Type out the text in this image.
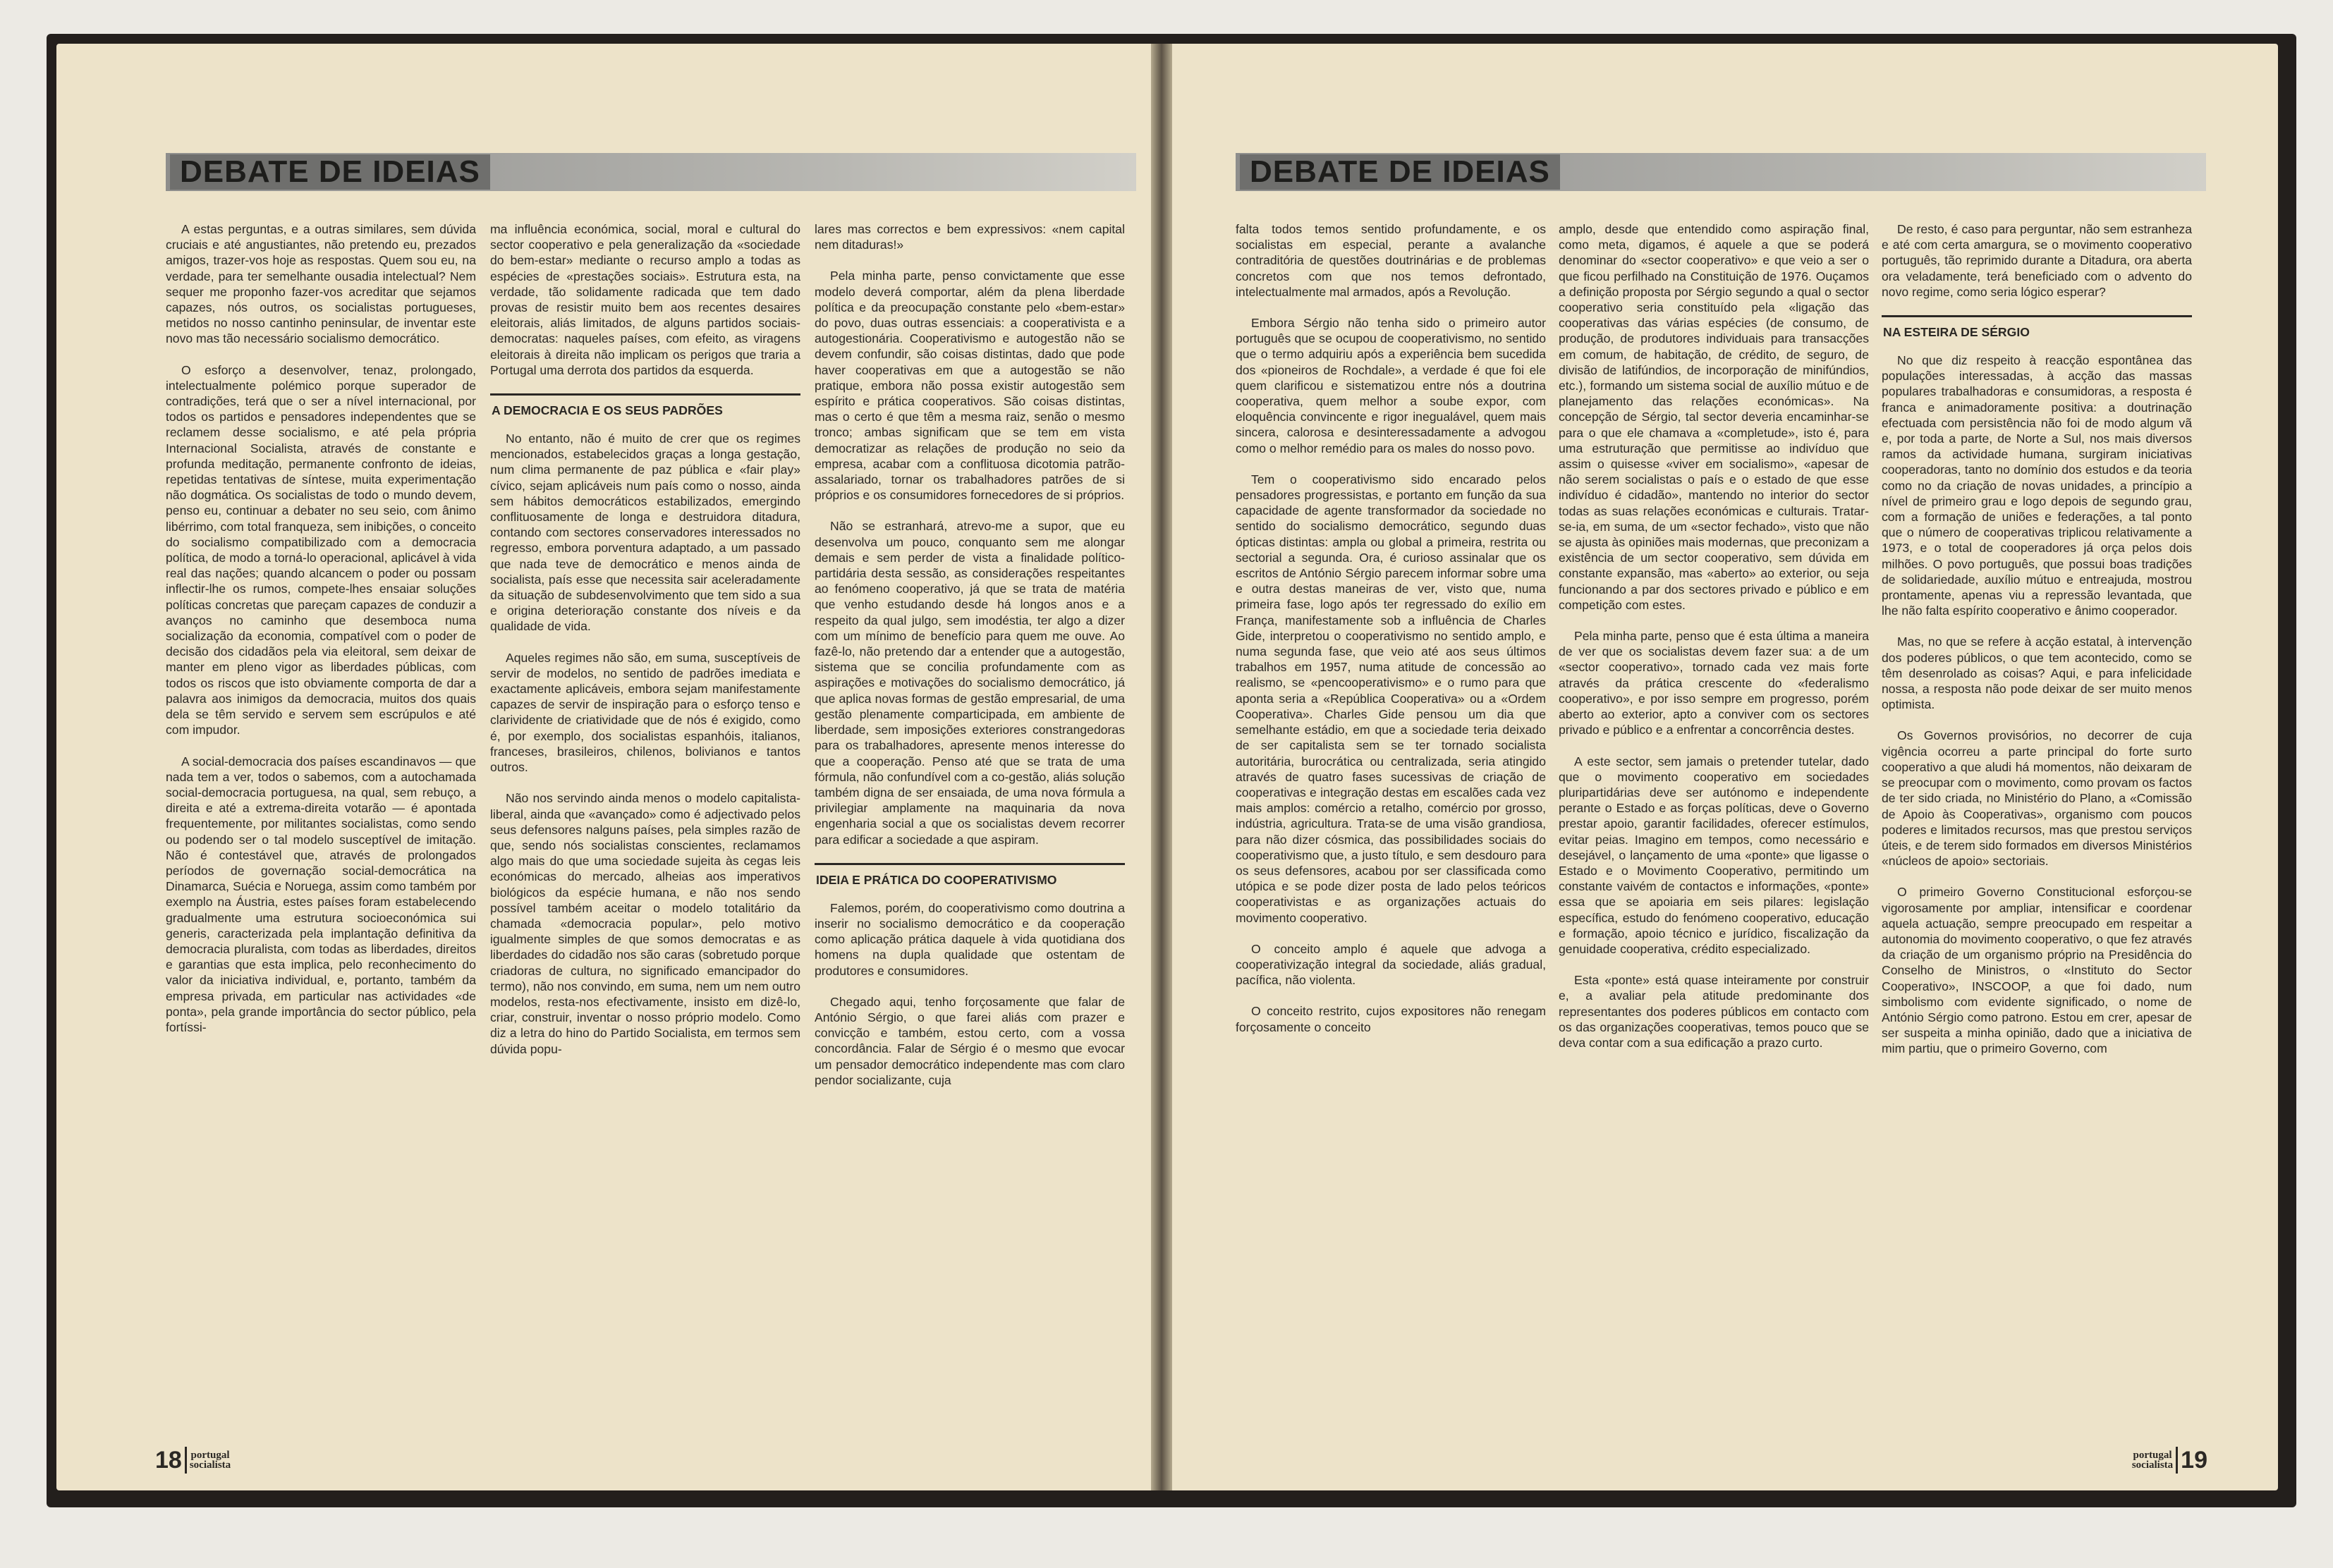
DEBATE DE IDEIAS

A estas perguntas, e a outras similares, sem dúvida cruciais e até angustiantes, não pretendo eu, prezados amigos, trazer-vos hoje as respostas. Quem sou eu, na verdade, para ter semelhante ousadia intelectual? Nem sequer me proponho fazer-vos acreditar que sejamos capazes, nós outros, os socialistas portugueses, metidos no nosso cantinho peninsular, de inventar este novo mas tão necessário socialismo democrático.

O esforço a desenvolver, tenaz, prolongado, intelectualmente polémico porque superador de contradições, terá que o ser a nível internacional, por todos os partidos e pensadores independentes que se reclamem desse socialismo, e até pela própria Internacional Socialista, através de constante e profunda meditação, permanente confronto de ideias, repetidas tentativas de síntese, muita experimentação não dogmática. Os socialistas de todo o mundo devem, penso eu, continuar a debater no seu seio, com ânimo libérrimo, com total franqueza, sem inibições, o conceito do socialismo compatibilizado com a democracia política, de modo a torná-lo operacional, aplicável à vida real das nações; quando alcancem o poder ou possam inflectir-lhe os rumos, compete-lhes ensaiar soluções políticas concretas que pareçam capazes de conduzir a avanços no caminho que desemboca numa socialização da economia, compatível com o poder de decisão dos cidadãos pela via eleitoral, sem deixar de manter em pleno vigor as liberdades públicas, com todos os riscos que isto obviamente comporta de dar a palavra aos inimigos da democracia, muitos dos quais dela se têm servido e servem sem escrúpulos e até com impudor.

A social-democracia dos países escandinavos — que nada tem a ver, todos o sabemos, com a autochamada social-democracia portuguesa, na qual, sem rebuço, a direita e até a extrema-direita votarão — é apontada frequentemente, por militantes socialistas, como sendo ou podendo ser o tal modelo susceptível de imitação. Não é contestável que, através de prolongados períodos de governação social-democrática na Dinamarca, Suécia e Noruega, assim como também por exemplo na Áustria, estes países foram estabelecendo gradualmente uma estrutura socioeconómica sui generis, caracterizada pela implantação definitiva da democracia pluralista, com todas as liberdades, direitos e garantias que esta implica, pelo reconhecimento do valor da iniciativa individual, e, portanto, também da empresa privada, em particular nas actividades «de ponta», pela grande importância do sector público, pela fortíssi-

ma influência económica, social, moral e cultural do sector cooperativo e pela generalização da «sociedade do bem-estar» mediante o recurso amplo a todas as espécies de «prestações sociais». Estrutura esta, na verdade, tão solidamente radicada que tem dado provas de resistir muito bem aos recentes desaires eleitorais, aliás limitados, de alguns partidos sociais-democratas: naqueles países, com efeito, as viragens eleitorais à direita não implicam os perigos que traria a Portugal uma derrota dos partidos da esquerda.

A DEMOCRACIA E OS SEUS PADRÕES

No entanto, não é muito de crer que os regimes mencionados, estabelecidos graças a longa gestação, num clima permanente de paz pública e «fair play» cívico, sejam aplicáveis num país como o nosso, ainda sem hábitos democráticos estabilizados, emergindo conflituosamente de longa e destruidora ditadura, contando com sectores conservadores interessados no regresso, embora porventura adaptado, a um passado que nada teve de democrático e menos ainda de socialista, país esse que necessita sair aceleradamente da situação de subdesenvolvimento que tem sido a sua e origina deterioração constante dos níveis e da qualidade de vida.

Aqueles regimes não são, em suma, susceptíveis de servir de modelos, no sentido de padrões imediata e exactamente aplicáveis, embora sejam manifestamente capazes de servir de inspiração para o esforço tenso e clarividente de criatividade que de nós é exigido, como é, por exemplo, dos socialistas espanhóis, italianos, franceses, brasileiros, chilenos, bolivianos e tantos outros.

Não nos servindo ainda menos o modelo capitalista-liberal, ainda que «avançado» como é adjectivado pelos seus defensores nalguns países, pela simples razão de que, sendo nós socialistas conscientes, reclamamos algo mais do que uma sociedade sujeita às cegas leis económicas do mercado, alheias aos imperativos biológicos da espécie humana, e não nos sendo possível também aceitar o modelo totalitário da chamada «democracia popular», pelo motivo igualmente simples de que somos democratas e as liberdades do cidadão nos são caras (sobretudo porque criadoras de cultura, no significado emancipador do termo), não nos convindo, em suma, nem um nem outro modelos, resta-nos efectivamente, insisto em dizê-lo, criar, construir, inventar o nosso próprio modelo. Como diz a letra do hino do Partido Socialista, em termos sem dúvida popu-

lares mas correctos e bem expressivos: «nem capital nem ditaduras!»

Pela minha parte, penso convictamente que esse modelo deverá comportar, além da plena liberdade política e da preocupação constante pelo «bem-estar» do povo, duas outras essenciais: a cooperativista e a autogestionária. Cooperativismo e autogestão não se devem confundir, são coisas distintas, dado que pode haver cooperativas em que a autogestão se não pratique, embora não possa existir autogestão sem espírito e prática cooperativos. São coisas distintas, mas o certo é que têm a mesma raiz, senão o mesmo tronco; ambas significam que se tem em vista democratizar as relações de produção no seio da empresa, acabar com a conflituosa dicotomia patrão-assalariado, tornar os trabalhadores patrões de si próprios e os consumidores fornecedores de si próprios.

Não se estranhará, atrevo-me a supor, que eu desenvolva um pouco, conquanto sem me alongar demais e sem perder de vista a finalidade político-partidária desta sessão, as considerações respeitantes ao fenómeno cooperativo, já que se trata de matéria que venho estudando desde há longos anos e a respeito da qual julgo, sem imodéstia, ter algo a dizer com um mínimo de benefício para quem me ouve. Ao fazê-lo, não pretendo dar a entender que a autogestão, sistema que se concilia profundamente com as aspirações e motivações do socialismo democrático, já que aplica novas formas de gestão empresarial, de uma gestão plenamente comparticipada, em ambiente de liberdade, sem imposições exteriores constrangedoras para os trabalhadores, apresente menos interesse do que a cooperação. Penso até que se trata de uma fórmula, não confundível com a co-gestão, aliás solução também digna de ser ensaiada, de uma nova fórmula a privilegiar amplamente na maquinaria da nova engenharia social a que os socialistas devem recorrer para edificar a sociedade a que aspiram.

IDEIA E PRÁTICA DO COOPERATIVISMO

Falemos, porém, do cooperativismo como doutrina a inserir no socialismo democrático e da cooperação como aplicação prática daquele à vida quotidiana dos homens na dupla qualidade que ostentam de produtores e consumidores.

Chegado aqui, tenho forçosamente que falar de António Sérgio, o que farei aliás com prazer e convicção e também, estou certo, com a vossa concordância. Falar de Sérgio é o mesmo que evocar um pensador democrático independente mas com claro pendor socializante, cuja

18 portugal
socialista
DEBATE DE IDEIAS

falta todos temos sentido profundamente, e os socialistas em especial, perante a avalanche contraditória de questões doutrinárias e de problemas concretos com que nos temos defrontado, intelectualmente mal armados, após a Revolução.

Embora Sérgio não tenha sido o primeiro autor português que se ocupou de cooperativismo, no sentido que o termo adquiriu após a experiência bem sucedida dos «pioneiros de Rochdale», a verdade é que foi ele quem clarificou e sistematizou entre nós a doutrina cooperativa, quem melhor a soube expor, com eloquência convincente e rigor inegualável, quem mais sincera, calorosa e desinteressadamente a advogou como o melhor remédio para os males do nosso povo.

Tem o cooperativismo sido encarado pelos pensadores progressistas, e portanto em função da sua capacidade de agente transformador da sociedade no sentido do socialismo democrático, segundo duas ópticas distintas: ampla ou global a primeira, restrita ou sectorial a segunda. Ora, é curioso assinalar que os escritos de António Sérgio parecem informar sobre uma e outra destas maneiras de ver, visto que, numa primeira fase, logo após ter regressado do exílio em França, manifestamente sob a influência de Charles Gide, interpretou o cooperativismo no sentido amplo, e numa segunda fase, que veio até aos seus últimos trabalhos em 1957, numa atitude de concessão ao realismo, se «pencooperativismo» e o rumo para que aponta seria a «República Cooperativa» ou a «Ordem Cooperativa». Charles Gide pensou um dia que semelhante estádio, em que a sociedade teria deixado de ser capitalista sem se ter tornado socialista autoritária, burocrática ou centralizada, seria atingido através de quatro fases sucessivas de criação de cooperativas e integração destas em escalões cada vez mais amplos: comércio a retalho, comércio por grosso, indústria, agricultura. Trata-se de uma visão grandiosa, para não dizer cósmica, das possibilidades sociais do cooperativismo que, a justo título, e sem desdouro para os seus defensores, acabou por ser classificada como utópica e se pode dizer posta de lado pelos teóricos cooperativistas e as organizações actuais do movimento cooperativo.

O conceito amplo é aquele que advoga a cooperativização integral da sociedade, aliás gradual, pacífica, não violenta.

O conceito restrito, cujos expositores não renegam forçosamente o conceito

amplo, desde que entendido como aspiração final, como meta, digamos, é aquele a que se poderá denominar do «sector cooperativo» e que veio a ser o que ficou perfilhado na Constituição de 1976. Ouçamos a definição proposta por Sérgio segundo a qual o sector cooperativo seria constituído pela «ligação das cooperativas das várias espécies (de consumo, de produção, de produtores individuais para transacções em comum, de habitação, de crédito, de seguro, de divisão de latifúndios, de incorporação de minifúndios, etc.), formando um sistema social de auxílio mútuo e de planejamento das relações económicas». Na concepção de Sérgio, tal sector deveria encaminhar-se para o que ele chamava a «completude», isto é, para uma estruturação que permitisse ao indivíduo que assim o quisesse «viver em socialismo», «apesar de não serem socialistas o país e o estado de que esse indivíduo é cidadão», mantendo no interior do sector todas as suas relações económicas e culturais. Tratar-se-ia, em suma, de um «sector fechado», visto que não se ajusta às opiniões mais modernas, que preconizam a existência de um sector cooperativo, sem dúvida em constante expansão, mas «aberto» ao exterior, ou seja funcionando a par dos sectores privado e público e em competição com estes.

Pela minha parte, penso que é esta última a maneira de ver que os socialistas devem fazer sua: a de um «sector cooperativo», tornado cada vez mais forte através da prática crescente do «federalismo cooperativo», e por isso sempre em progresso, porém aberto ao exterior, apto a conviver com os sectores privado e público e a enfrentar a concorrência destes.

A este sector, sem jamais o pretender tutelar, dado que o movimento cooperativo em sociedades pluripartidárias deve ser autónomo e independente perante o Estado e as forças políticas, deve o Governo prestar apoio, garantir facilidades, oferecer estímulos, evitar peias. Imagino em tempos, como necessário e desejável, o lançamento de uma «ponte» que ligasse o Estado e o Movimento Cooperativo, permitindo um constante vaivém de contactos e informações, «ponte» essa que se apoiaria em seis pilares: legislação específica, estudo do fenómeno cooperativo, educação e formação, apoio técnico e jurídico, fiscalização da genuidade cooperativa, crédito especializado.

Esta «ponte» está quase inteiramente por construir e, a avaliar pela atitude predominante dos representantes dos poderes públicos em contacto com os das organizações cooperativas, temos pouco que se deva contar com a sua edificação a prazo curto.

De resto, é caso para perguntar, não sem estranheza e até com certa amargura, se o movimento cooperativo português, tão reprimido durante a Ditadura, ora aberta ora veladamente, terá beneficiado com o advento do novo regime, como seria lógico esperar?

NA ESTEIRA DE SÉRGIO

No que diz respeito à reacção espontânea das populações interessadas, à acção das massas populares trabalhadoras e consumidoras, a resposta é franca e animadoramente positiva: a doutrinação efectuada com persistência não foi de modo algum vã e, por toda a parte, de Norte a Sul, nos mais diversos ramos da actividade humana, surgiram iniciativas cooperadoras, tanto no domínio dos estudos e da teoria como no da criação de novas unidades, a princípio a nível de primeiro grau e logo depois de segundo grau, com a formação de uniões e federações, a tal ponto que o número de cooperativas triplicou relativamente a 1973, e o total de cooperadores já orça pelos dois milhões. O povo português, que possui boas tradições de solidariedade, auxílio mútuo e entreajuda, mostrou prontamente, apenas viu a repressão levantada, que lhe não falta espírito cooperativo e ânimo cooperador.

Mas, no que se refere à acção estatal, à intervenção dos poderes públicos, o que tem acontecido, como se têm desenrolado as coisas? Aqui, e para infelicidade nossa, a resposta não pode deixar de ser muito menos optimista.

Os Governos provisórios, no decorrer de cuja vigência ocorreu a parte principal do forte surto cooperativo a que aludi há momentos, não deixaram de se preocupar com o movimento, como provam os factos de ter sido criada, no Ministério do Plano, a «Comissão de Apoio às Cooperativas», organismo com poucos poderes e limitados recursos, mas que prestou serviços úteis, e de terem sido formados em diversos Ministérios «núcleos de apoio» sectoriais.

O primeiro Governo Constitucional esforçou-se vigorosamente por ampliar, intensificar e coordenar aquela actuação, sempre preocupado em respeitar a autonomia do movimento cooperativo, o que fez através da criação de um organismo próprio na Presidência do Conselho de Ministros, o «Instituto do Sector Cooperativo», INSCOOP, a que foi dado, num simbolismo com evidente significado, o nome de António Sérgio como patrono. Estou em crer, apesar de ser suspeita a minha opinião, dado que a iniciativa de mim partiu, que o primeiro Governo, com

portugal
socialista 19
